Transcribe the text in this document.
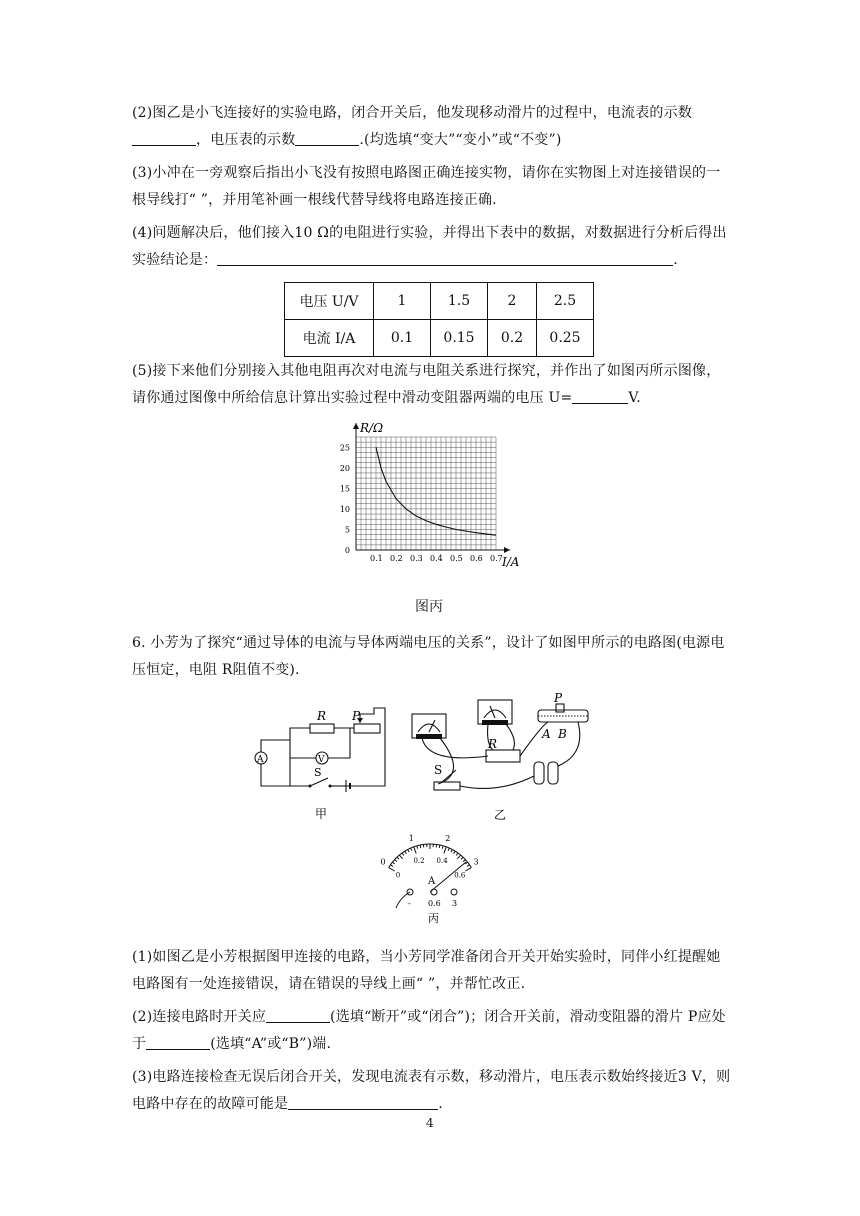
(2)图乙是小飞连接好的实验电路，闭合开关后，他发现移动滑片的过程中，电流表的示数，电压表的示数	.(均选填“变大”“变小”或“不变”)
(3)小冲在一旁观察后指出小飞没有按照电路图正确连接实物，请你在实物图上对连接错误的一根导线打“ ”，并用笔补画一根线代替导线将电路连接正确.
(4)问题解决后，他们接入10 Ω的电阻进行实验，并得出下表中的数据，对数据进行分析后得出实验结论是：	.
电压 U/V	1	1.5	2	2.5
电流 I/A	0.1	0.15	0.2	0.25
(5)接下来他们分别接入其他电阻再次对电流与电阻关系进行探究，并作出了如图丙所示图像，请你通过图像中所给信息计算出实验过程中滑动变阻器两端的电压 U=	V.
0.1 0.2 0.3 0.4 0.5 0.6 0.7
0
5
10
15
20
25
R/Ω
I/A
图丙
6. 小芳为了探究“通过导体的电流与导体两端电压的关系”，设计了如图甲所示的电路图(电源电压恒定，电阻 R阻值不变).
R P
A	V
S
甲
P
A B
R
S
乙
A
- 0.6 3
丙
0
1	2
3
0
0.2 0.4
0.6
(1)如图乙是小芳根据图甲连接的电路，当小芳同学准备闭合开关开始实验时，同伴小红提醒她电路图有一处连接错误，请在错误的导线上画“ ”，并帮忙改正.
(2)连接电路时开关应	(选填“断开”或“闭合”)；闭合开关前，滑动变阻器的滑片 P应处于	(选填“A”或“B”)端.
(3)电路连接检查无误后闭合开关，发现电流表有示数，移动滑片，电压表示数始终接近3 V，则电路中存在的故障可能是	.
4
